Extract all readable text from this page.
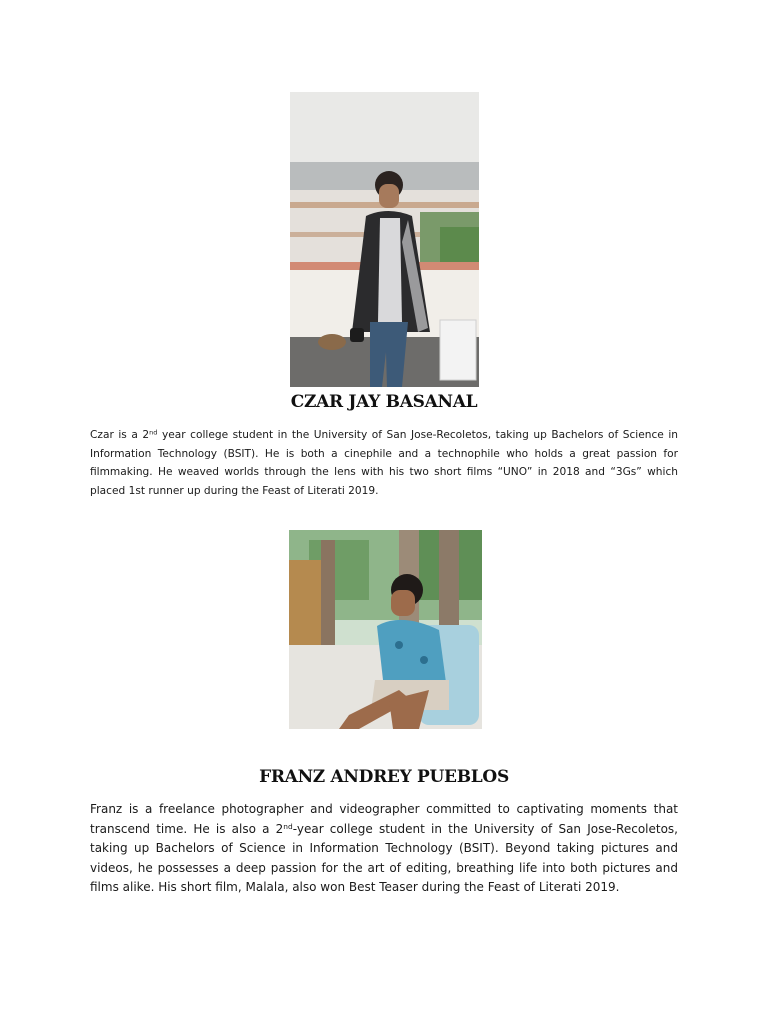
CZAR JAY BASANAL

Czar is a 2nd year college student in the University of San Jose-Recoletos, taking up Bachelors of Science in Information Technology (BSIT). He is both a cinephile and a technophile who holds a great passion for filmmaking. He weaved worlds through the lens with his two short films “UNO” in 2018 and “3Gs” which placed 1st runner up during the Feast of Literati 2019.

FRANZ ANDREY PUEBLOS

Franz is a freelance photographer and videographer committed to captivating moments that transcend time. He is also a 2nd-year college student in the University of San Jose-Recoletos, taking up Bachelors of Science in Information Technology (BSIT). Beyond taking pictures and videos, he possesses a deep passion for the art of editing, breathing life into both pictures and films alike. His short film, Malala, also won Best Teaser during the Feast of Literati 2019.
